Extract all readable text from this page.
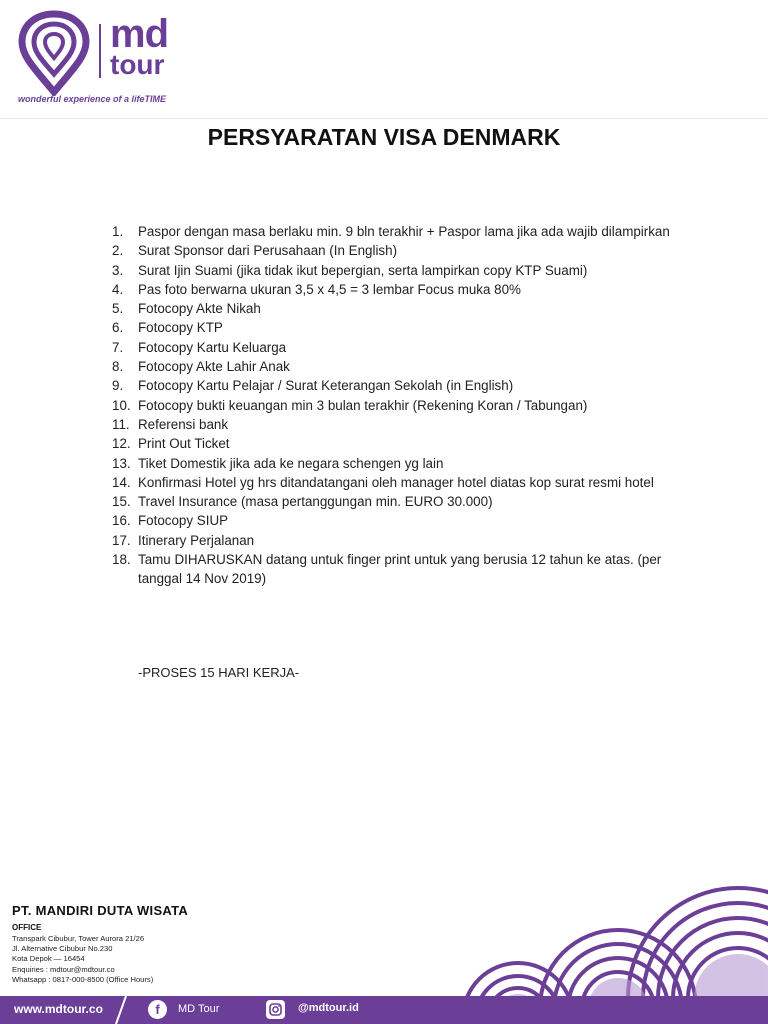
md
tour
wonderful experience of a lifeTIME
PERSYARATAN VISA DENMARK
1. Paspor dengan masa berlaku min. 9 bln terakhir + Paspor lama jika ada wajib dilampirkan
2. Surat Sponsor dari Perusahaan (In English)
3. Surat Ijin Suami (jika tidak ikut bepergian, serta lampirkan copy KTP Suami)
4. Pas foto berwarna ukuran 3,5 x 4,5 = 3 lembar Focus muka 80%
5. Fotocopy Akte Nikah
6. Fotocopy KTP
7. Fotocopy Kartu Keluarga
8. Fotocopy Akte Lahir Anak
9. Fotocopy Kartu Pelajar / Surat Keterangan Sekolah (in English)
10. Fotocopy bukti keuangan min 3 bulan terakhir (Rekening Koran / Tabungan)
11. Referensi bank
12. Print Out Ticket
13. Tiket Domestik jika ada ke negara schengen yg lain
14. Konfirmasi Hotel yg hrs ditandatangani oleh manager hotel diatas kop surat resmi hotel
15. Travel Insurance (masa pertanggungan min. EURO 30.000)
16. Fotocopy SIUP
17. Itinerary Perjalanan
18. Tamu DIHARUSKAN datang untuk finger print untuk yang berusia 12 tahun ke atas. (per tanggal 14 Nov 2019)
-PROSES 15 HARI KERJA-
PT. MANDIRI DUTA WISATA
OFFICE
Transpark Cibubur, Tower Aurora 21/26
Jl. Alternative Cibubur No.230
Kota Depok — 16454
Enquiries : mdtour@mdtour.co
Whatsapp : 0817-000-8500 (Office Hours)
www.mdtour.co	f	MD Tour	@mdtour.id
